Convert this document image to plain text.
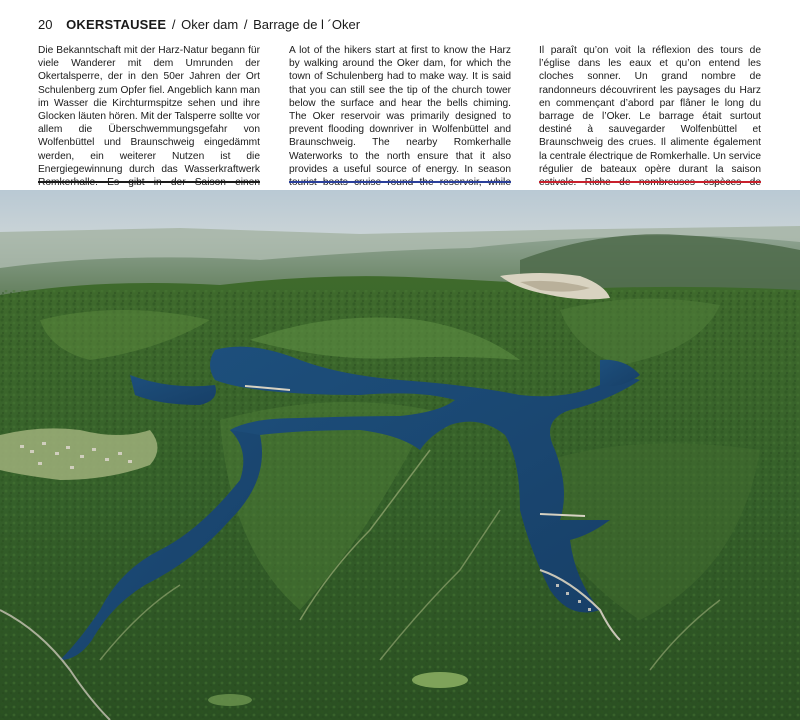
20 OKERSTAUSEE / Oker dam / Barrage de l ´Oker
Die Bekanntschaft mit der Harz-Natur begann für viele Wanderer mit dem Umrunden der Okertalsperre, der in den 50er Jahren der Ort Schulenberg zum Opfer fiel. Angeblich kann man im Wasser die Kirchturmspitze sehen und ihre Glocken läuten hören. Mit der Talsperre sollte vor allem die Überschwemmungsgefahr von Wolfenbüttel und Braunschweig eingedämmt werden, ein weiterer Nutzen ist die Energiegewinnung durch das Wasserkraftwerk
A lot of the hikers start at first to know the Harz by walking around the Oker dam, for which the town of Schulenberg had to make way. It is said that you can still see the tip of the church tower below the surface and hear the bells chiming. The Oker reservoir was primarily designed to prevent flooding downriver in Wolfenbüttel and Braunschweig. The nearby Romkerhalle Waterworks to the north ensure that it also provides a useful source of energy. In season
Il paraît qu’on voit la réflexion des tours de l’église dans les eaux et qu’on entend les cloches sonner. Un grand nombre de randonneurs découvrirent les paysages du Harz en commençant d’abord par flâner le long du barrage de l’Oker. Le barrage était surtout destiné à sauvegarder Wolfenbüttel et Braunschweig des crues. Il alimente également la centrale électrique de Romkerhalle. Un service régulier de bateaux opère durant la saison
